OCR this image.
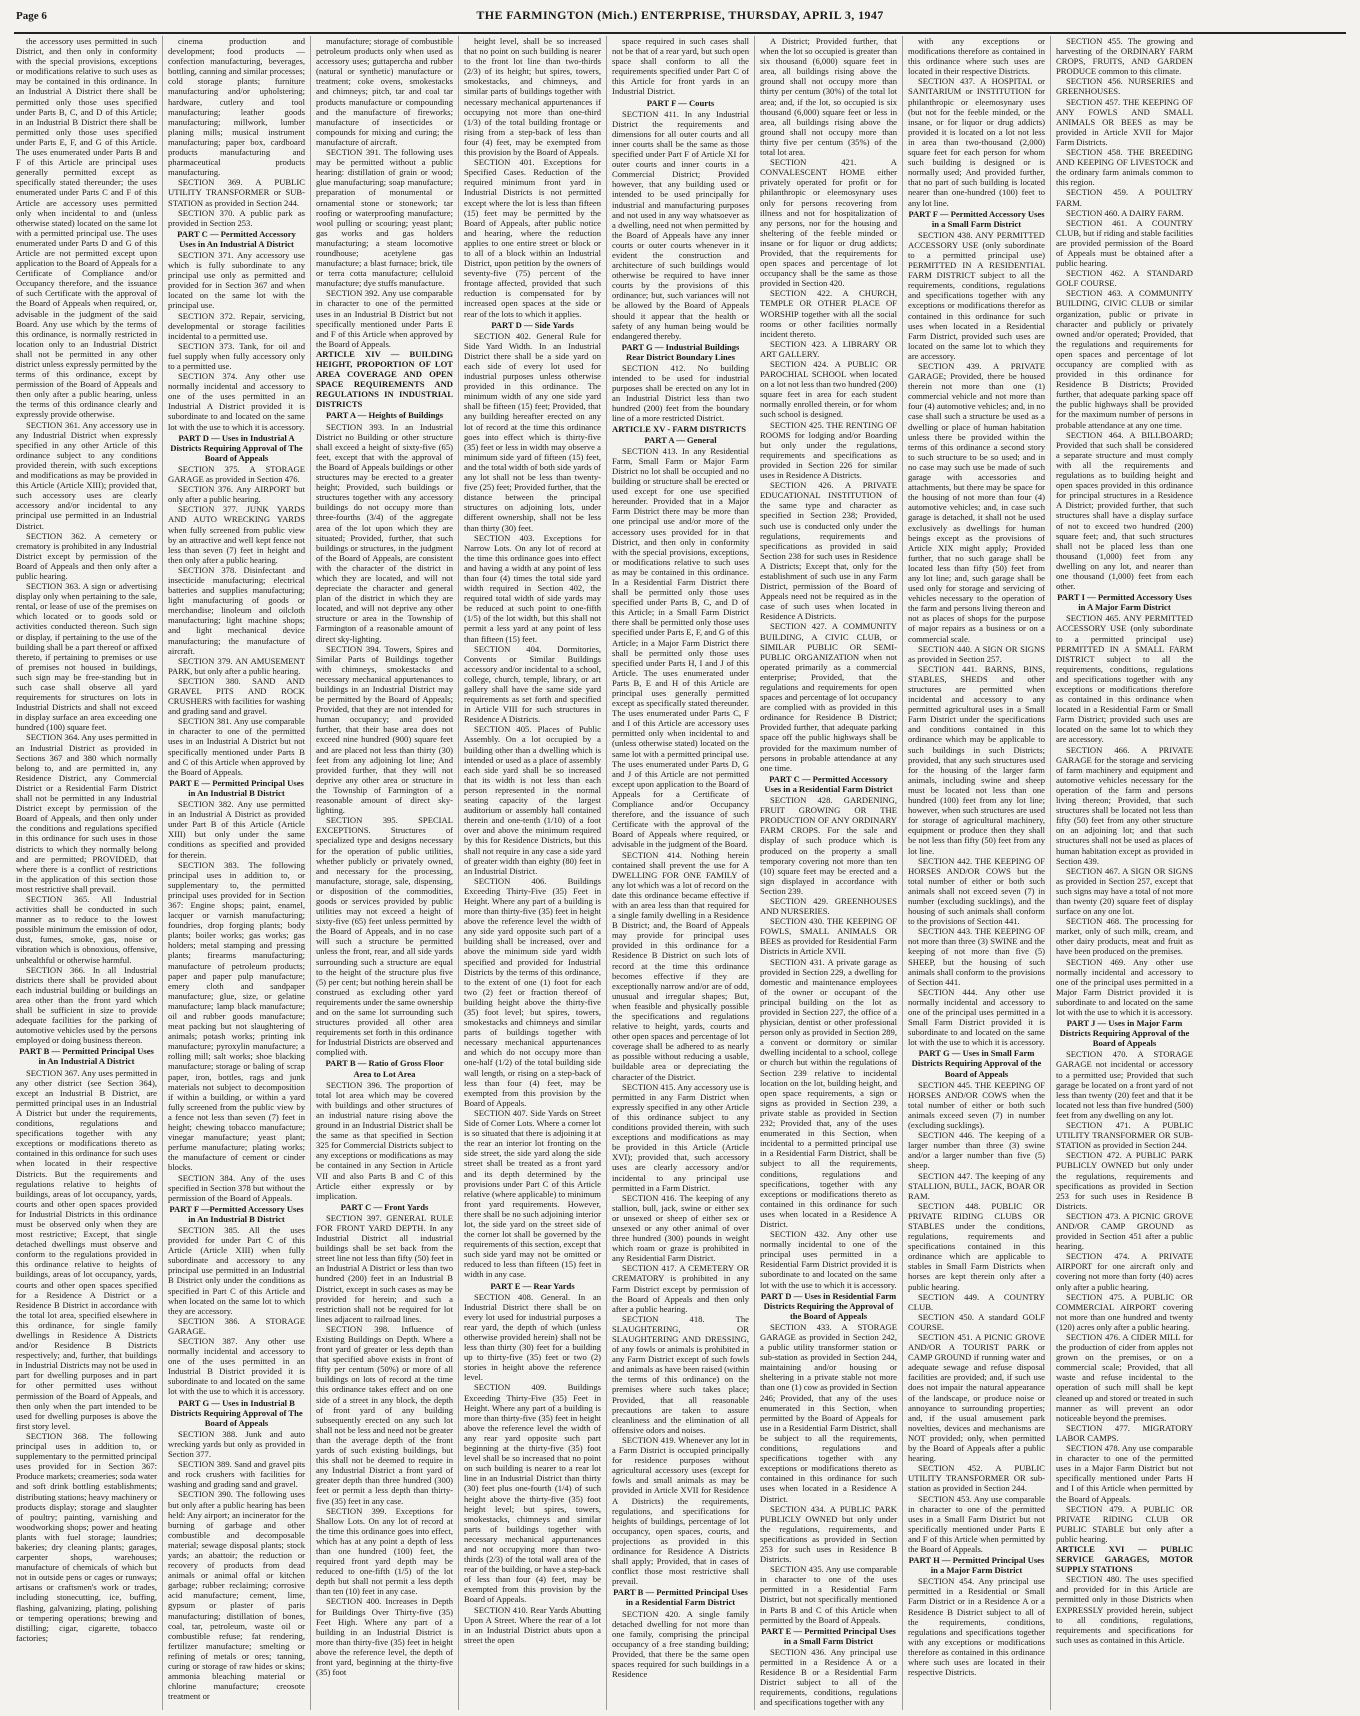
Page 6	THE FARMINGTON (Mich.) ENTERPRISE, THURSDAY, APRIL 3, 1947

the accessory uses permitted in such District, and then only in conformity with the special provisions, exceptions or modifications relative to such uses as may be contained in this ordinance. In an Industrial A District there shall be permitted only those uses specified under Parts B, C, and D of this Article; in an Industrial B District there shall be permitted only those uses specified under Parts E, F, and G of this Article. The uses enumerated under Parts B and F of this Article are principal uses generally permitted except as specifically stated thereunder; the uses enumerated under Parts C and F of this Article are accessory uses permitted only when incidental to and (unless otherwise stated) located on the same lot with a permitted principal use. The uses enumerated under Parts D and G of this Article are not permitted except upon application to the Board of Appeals for a Certificate of Compliance and/or Occupancy therefore, and the issuance of such Certificate with the approval of the Board of Appeals when required, or, advisable in the judgment of the said Board. Any use which by the terms of this ordinance, is normally restricted in location only to an Industrial District shall not be permitted in any other district unless expressly permitted by the terms of this ordinance, except by permission of the Board of Appeals and then only after a public hearing, unless the terms of this ordinance clearly and expressly provide otherwise.

SECTION 361. Any accessory use in any Industrial District when expressly specified in any other Article of this ordinance subject to any conditions provided therein, with such exceptions and modifications as may be provided in this Article (Article XIII); provided that, such accessory uses are clearly accessory and/or incidental to any principal use permitted in an Industrial District.

SECTION 362. A cemetery or crematory is prohibited in any Industrial District except by permission of the Board of Appeals and then only after a public hearing.

SECTION 363. A sign or advertising display only when pertaining to the sale, rental, or lease of use of the premises on which located or to goods sold or activities conducted thereon. Such sign or display, if pertaining to the use of the building shall be a part thereof or affixed thereto, if pertaining to premises or use of premises not housed in buildings, such sign may be free-standing but in such case shall observe all yard requirements for structures on lots in Industrial Districts and shall not exceed in display surface an area exceeding one hundred (100) square feet.

SECTION 364. Any uses permitted in an Industrial District as provided in Sections 367 and 380 which normally belong to, and are permitted in, any Residence District, any Commercial District or a Residential Farm District shall not be permitted in any Industrial District except by permission of the Board of Appeals, and then only under the conditions and regulations specified in this ordinance for such uses in those districts to which they normally belong and are permitted; PROVIDED, that where there is a conflict of restrictions in the application of this section those most restrictive shall prevail.

SECTION 365. All Industrial activities shall be conducted in such manner as to reduce to the lowest possible minimum the emission of odor, dust, fumes, smoke, gas, noise or vibration which is obnoxious, offensive, unhealthful or otherwise harmful.

SECTION 366. In all Industrial districts there shall be provided about each industrial building or buildings an area other than the front yard which shall be sufficient in size to provide adequate facilities for the parking of automotive vehicles used by the persons employed or doing business thereon.

PART B — Permitted Principal Uses in An Industrial A District

SECTION 367. Any uses permitted in any other district (see Section 364), except an Industrial B District, are permitted principal uses in an Industrial A District but under the requirements, conditions, regulations and specifications together with any exceptions or modifications thereto as contained in this ordinance for such uses when located in their respective Districts. But the requirements and regulations relative to heights of buildings, areas of lot occupancy, yards, courts and other open spaces provided for Industrial Districts in this ordinance must be observed only when they are most restrictive; Except, that single detached dwellings must observe and conform to the regulations provided in this ordinance relative to heights of buildings, areas of lot occupancy, yards, courts and other open spaces specified for a Residence A District or a Residence B District in accordance with the total lot area, specified elsewhere in this ordinance, for single family dwellings in Residence A Districts and/or Residence B Districts respectively; and, further, that buildings in Industrial Districts may not be used in part for dwelling purposes and in part for other permitted uses without permission of the Board of Appeals, and then only when the part intended to be used for dwelling purposes is above the first story level.

SECTION 368. The following principal uses in addition to, or supplementary to the permitted principal uses provided for in Section 367: Produce markets; creameries; soda water and soft drink bottling establishments; distributing stations; heavy machinery or products display; storage and slaughter of poultry; painting, varnishing and woodworking shops; power and heating plants with fuel storage; laundries; bakeries; dry cleaning plants; garages, carpenter shops, warehouses; manufacture of chemicals of which but not in outside pens or cages or runways; artisans or craftsmen's work or trades, including stonecutting, ice, buffing, flashing, galvanizing, plating, polishing or tempering operations; brewing and distilling; cigar, cigarette, tobacco factories;

cinema production and development; food products — confection manufacturing, beverages, bottling, canning and similar processes; cold storage plants; furniture manufacturing and/or upholstering; hardware, cutlery and tool manufacturing; leather goods manufacturing; millwork, lumber planing mills; musical instrument manufacturing; paper box, cardboard products manufacturing and pharmaceutical products manufacturing.

SECTION 369. A PUBLIC UTILITY TRANSFORMER or SUB-STATION as provided in Section 244.

SECTION 370. A public park as provided in Section 253.

PART C — Permitted Accessory Uses in An Industrial A District

SECTION 371. Any accessory use which is fully subordinate to any principal use only as permitted and provided for in Section 367 and when located on the same lot with the principal use.

SECTION 372. Repair, servicing, developmental or storage facilities incidental to a permitted use.

SECTION 373. Tank, for oil and fuel supply when fully accessory only to a permitted use.

SECTION 374. Any other use normally incidental and accessory to one of the uses permitted in an Industrial A District provided it is subordinate to and located on the same lot with the use to which it is accessory.

PART D — Uses in Industrial A Districts Requiring Approval of The Board of Appeals

SECTION 375. A STORAGE GARAGE as provided in Section 476.

SECTION 376. Any AIRPORT but only after a public hearing.

SECTION 377. JUNK YARDS AND AUTO WRECKING YARDS when fully screened from public view by an attractive and well kept fence not less than seven (7) feet in height and then only after a public hearing.

SECTION 378. Disinfectant and insecticide manufacturing; electrical batteries and supplies manufacturing; light manufacturing of goods or merchandise; linoleum and oilcloth manufacturing; light machine shops; and light mechanical device manufacturing; the manufacture of aircraft.

SECTION 379. AN AMUSEMENT PARK, but only after a public hearing.

SECTION 380. SAND AND GRAVEL PITS AND ROCK CRUSHERS with facilities for washing and grading sand and gravel.

SECTION 381. Any use comparable in character to one of the permitted uses in an Industrial A District but not specifically mentioned under Parts B and C of this Article when approved by the Board of Appeals.

PART E — Permitted Principal Uses in An Industrial B District

SECTION 382. Any use permitted in an Industrial A District as provided under Part B of this Article (Article XIII) but only under the same conditions as specified and provided for therein.

SECTION 383. The following principal uses in addition to, or supplementary to, the permitted principal uses provided for in Section 367: Engine shops; paint, enamel, lacquer or varnish manufacturing; foundries, drop forging plants; body plants; boiler works; gas works; gas holders; metal stamping and pressing plants; firearms manufacturing; manufacture of petroleum products; paper and paper pulp manufacture; emery cloth and sandpaper manufacture; glue, size, or gelatine manufacture; lamp black manufacture; oil and rubber goods manufacture; meat packing but not slaughtering of animals; potash works; printing ink manufacture; pyroxylin manufacture; a rolling mill; salt works; shoe blacking manufacture; storage or baling of scrap paper, iron, bottles, rags and junk materials not subject to decomposition if within a building, or within a yard fully screened from the public view by a fence not less than seven (7) feet in height; chewing tobacco manufacture; vinegar manufacture; yeast plant; perfume manufacture; plating works; the manufacture of cement or cinder blocks.

SECTION 384. Any of the uses specified in Section 378 but without the permission of the Board of Appeals.

PART F —Permitted Accessory Uses in An Industrial B District

SECTION 385. All the uses provided for under Part C of this Article (Article XIII) when fully subordinate and accessory to any principal use permitted in an Industrial B District only under the conditions as specified in Part C of this Article and when located on the same lot to which they are accessory.

SECTION 386. A STORAGE GARAGE.

SECTION 387. Any other use normally incidental and accessory to one of the uses permitted in an Industrial B District provided it is subordinate to and located on the same lot with the use to which it is accessory.

PART G — Uses in Industrial B Districts Requiring Approval of The Board of Appeals

SECTION 388. Junk and auto wrecking yards but only as provided in Section 377.

SECTION 389. Sand and gravel pits and rock crushers with facilities for washing and grading sand and gravel.

SECTION 390. The following uses but only after a public hearing has been held: Any airport; an incinerator for the burning of garbage and other combustible and decomposable material; sewage disposal plants; stock yards; an abattoir; the reduction or recovery of products from dead animals or animal offal or kitchen garbage; rubber reclaiming; corrosive acid manufacture; cement, lime, gypsum or plaster of paris manufacturing; distillation of bones, coal, tar, petroleum, waste oil or combustible refuse; fat rendering, fertilizer manufacture; smelting or refining of metals or ores; tanning, curing or storage of raw hides or skins; ammonia bleaching material or chlorine manufacture; creosote treatment or

manufacture; storage of combustible petroleum products only when used as accessory uses; guttapercha and rubber (natural or synthetic) manufacture or treatment; coke ovens, smokestacks and chimneys; pitch, tar and coal tar products manufacture or compounding and the manufacture of fireworks; manufacture of insecticides or compounds for mixing and curing; the manufacture of aircraft.

SECTION 391. The following uses may be permitted without a public hearing: distillation of grain or wood; glue manufacturing; soap manufacture; preparation of monumental or ornamental stone or stonework; tar roofing or waterproofing manufacture; wool pulling or scouring; yeast plant; gas works and gas holders manufacturing; a steam locomotive roundhouse; acetylene gas manufacture; a blast furnace; brick, tile or terra cotta manufacture; celluloid manufacture; dye stuffs manufacture.

SECTION 392. Any use comparable in character to one of the permitted uses in an Industrial B District but not specifically mentioned under Parts E and F of this Article when approved by the Board of Appeals.

ARTICLE XIV — BUILDING HEIGHT, PROPORTION OF LOT AREA COVERAGE AND OPEN SPACE REQUIREMENTS AND REGULATIONS IN INDUSTRIAL DISTRICTS

PART A — Heights of Buildings

SECTION 393. In an Industrial District no Building or other structure shall exceed a height of sixty-five (65) feet, except that with the approval of the Board of Appeals buildings or other structures may be erected to a greater height; Provided, such buildings or structures together with any accessory buildings do not occupy more than three-fourths (3/4) of the aggregate area of the lot upon which they are situated; Provided, further, that such buildings or structures, in the judgment of the Board of Appeals, are consistent with the character of the district in which they are located, and will not depreciate the character and general plan of the district in which they are located, and will not deprive any other structure or area in the Township of Farmington of a reasonable amount of direct sky-lighting.

SECTION 394. Towers, Spires and Similar Parts of Buildings together with chimneys, smokestacks and necessary mechanical appurtenances to buildings in an Industrial District may be permitted by the Board of Appeals; Provided, that they are not intended for human occupancy; and provided further, that their base area does not exceed nine hundred (900) square feet and are placed not less than thirty (30) feet from any adjoining lot line; And provided further, that they will not deprive any other area or structure in the Township of Farmington of a reasonable amount of direct sky-lighting.

SECTION 395. SPECIAL EXCEPTIONS. Structures of specialized type and designs necessary for the operation of public utilities, whether publicly or privately owned, and necessary for the processing, manufacture, storage, sale, dispensing, or disposition of the commodities, goods or services provided by public utilities may not exceed a height of sixty-five (65) feet unless permitted by the Board of Appeals, and in no case will such a structure be permitted unless the front, rear, and all side yards surrounding such a structure are equal to the height of the structure plus five (5) per cent; but nothing herein shall be construed as excluding other yard requirements under the same ownership and on the same lot surrounding such structures provided all other area requirements set forth in this ordinance for Industrial Districts are observed and complied with.

PART B — Ratio of Gross Floor Area to Lot Area

SECTION 396. The proportion of total lot area which may be covered with buildings and other structures of an industrial nature rising above the ground in an Industrial District shall be the same as that specified in Section 325 for Commercial Districts subject to any exceptions or modifications as may be contained in any Section in Article VII and also Parts B and C of this Article either expressly or by implication.

PART C — Front Yards

SECTION 397. GENERAL RULE FOR FRONT YARD DEPTH. In any Industrial District all industrial buildings shall be set back from the street line not less than fifty (50) feet in an Industrial A District or less than two hundred (200) feet in an Industrial B District, except in such cases as may be provided for herein; and such a restriction shall not be required for lot lines adjacent to railroad lines.

SECTION 398. Influence of Existing Buildings on Depth. Where a front yard of greater or less depth than that specified above exists in front of fifty per centum (50%) or more of all buildings on lots of record at the time this ordinance takes effect and on one side of a street in any block, the depth of front yard of any building subsequently erected on any such lot shall not be less and need not be greater than the average depth of the front yards of such existing buildings, but this shall not be deemed to require in any Industrial District a front yard of greater depth than three hundred (300) feet or permit a less depth than thirty-five (35) feet in any case.

SECTION 399. Exceptions for Shallow Lots. On any lot of record at the time this ordinance goes into effect, which has at any point a depth of less than one hundred (100) feet, the required front yard depth may be reduced to one-fifth (1/5) of the lot depth but shall not permit a less depth than ten (10) feet in any case.

SECTION 400. Increases in Depth for Buildings Over Thirty-five (35) Feet High. Where any part of a building in an Industrial District is more than thirty-five (35) feet in height above the reference level, the depth of front yard, beginning at the thirty-five (35) foot

height level, shall be so increased that no point on such building is nearer to the front lot line than two-thirds (2/3) of its height; but spires, towers, smokestacks, and chimneys, and similar parts of buildings together with necessary mechanical appurtenances if occupying not more than one-third (1/3) of the total building frontage or rising from a step-back of less than four (4) feet, may be exempted from this provision by the Board of Appeals.

SECTION 401. Exceptions for Specified Cases. Reduction of the required minimum front yard in Industrial Districts is not permitted except where the lot is less than fifteen (15) feet may be permitted by the Board of Appeals, after public notice and hearing, where the reduction applies to one entire street or block or to all of a block within an Industrial District, upon petition by the owners of seventy-five (75) percent of the frontage affected, provided that such reduction is compensated for by increased open spaces at the side or rear of the lots to which it applies.

PART D — Side Yards

SECTION 402. General Rule for Side Yard Width. In an Industrial District there shall be a side yard on each side of every lot used for industrial purposes unless otherwise provided in this ordinance. The minimum width of any one side yard shall be fifteen (15) feet; Provided, that any building hereafter erected on any lot of record at the time this ordinance goes into effect which is thirty-five (35) feet or less in width may observe a minimum side yard of fifteen (15) feet, and the total width of both side yards of any lot shall not be less than twenty-five (25) feet; Provided further, that the distance between the principal structures on adjoining lots, under different ownership, shall not be less than thirty (30) feet.

SECTION 403. Exceptions for Narrow Lots. On any lot of record at the time this ordinance goes into effect and having a width at any point of less than four (4) times the total side yard width required in Section 402, the required total width of side yards may be reduced at such point to one-fifth (1/5) of the lot width, but this shall not permit a less yard at any point of less than fifteen (15) feet.

SECTION 404. Dormitories, Convents or Similar Buildings accessory and/or incidental to a school, college, church, temple, library, or art gallery shall have the same side yard requirements as set forth and specified in Article VIII for such structures in Residence A Districts.

SECTION 405. Places of Public Assembly. On a lot occupied by a building other than a dwelling which is intended or used as a place of assembly each side yard shall be so increased that its width is not less than each person represented in the normal seating capacity of the largest auditorium or assembly hall contained therein and one-tenth (1/10) of a foot over and above the minimum required by this for Residence Districts, but this shall not require in any case a side yard of greater width than eighty (80) feet in an Industrial District.

SECTION 406. Buildings Exceeding Thirty-Five (35) Feet in Height. Where any part of a building is more than thirty-five (35) feet in height above the reference level the width of any side yard opposite such part of a building shall be increased, over and above the minimum side yard width specified and provided for Industrial Districts by the terms of this ordinance, to the extent of one (1) foot for each two (2) feet or fraction thereof of building height above the thirty-five (35) foot level; but spires, towers, smokestacks and chimneys and similar parts of buildings together with necessary mechanical appurtenances and which do not occupy more than one-half (1/2) of the total building side wall length, or rising on a step-back of less than four (4) feet, may be exempted from this provision by the Board of Appeals.

SECTION 407. Side Yards on Street Side of Corner Lots. Where a corner lot is so situated that there is adjoining it at the rear an interior lot fronting on the side street, the side yard along the side street shall be treated as a front yard and its depth determined by the provisions under Part C of this Article relative (where applicable) to minimum front yard requirements. However, there shall be no such adjoining interior lot, the side yard on the street side of the corner lot shall be governed by the requirements of this section, except that such side yard may not be omitted or reduced to less than fifteen (15) feet in width in any case.

PART E — Rear Yards

SECTION 408. General. In an Industrial District there shall be on every lot used for industrial purposes a rear yard, the depth of which (unless otherwise provided herein) shall not be less than thirty (30) feet for a building up to thirty-five (35) feet or two (2) stories in height above the reference level.

SECTION 409. Buildings Exceeding Thirty-Five (35) Feet in Height. Where any part of a building is more than thirty-five (35) feet in height above the reference level the width of any rear yard opposite such part beginning at the thirty-five (35) foot level shall be so increased that no point on such building is nearer to a rear lot line in an Industrial District than thirty (30) feet plus one-fourth (1/4) of such height above the thirty-five (35) foot height level; but spires, towers, smokestacks, chimneys and similar parts of buildings together with necessary mechanical appurtenances and not occupying more than two-thirds (2/3) of the total wall area of the rear of the building, or have a step-back of less than four (4) feet, may be exempted from this provision by the Board of Appeals.

SECTION 410. Rear Yards Abutting Upon A Street. Where the rear of a lot in an Industrial District abuts upon a street the open

space required in such cases shall not be that of a rear yard, but such open space shall conform to all the requirements specified under Part C of this Article for front yards in an Industrial District.

PART F — Courts

SECTION 411. In any Industrial District the requirements and dimensions for all outer courts and all inner courts shall be the same as those specified under Part F of Article XI for outer courts and inner courts in a Commercial District; Provided however, that any building used or intended to be used principally for industrial and manufacturing purposes and not used in any way whatsoever as a dwelling, need not when permitted by the Board of Appeals have any inner courts or outer courts whenever in it evident the construction and architecture of such buildings would otherwise be required to have inner courts by the provisions of this ordinance; but, such variances will not be allowed by the Board of Appeals should it appear that the health or safety of any human being would be endangered thereby.

PART G — Industrial Buildings Rear District Boundary Lines

SECTION 412. No building intended to be used for industrial purposes shall be erected on any lot in an Industrial District less than two hundred (200) feet from the boundary line of a more restricted District.

ARTICLE XV - FARM DISTRICTS

PART A — General

SECTION 413. In any Residential Farm, Small Farm or Major Farm District no lot shall be occupied and no building or structure shall be erected or used except for one use specified hereunder. Provided that in a Major Farm District there may be more than one principal use and/or more of the accessory uses provided for in that District, and then only in conformity with the special provisions, exceptions, or modifications relative to such uses as may be contained in this ordinance. In a Residential Farm District there shall be permitted only those uses specified under Parts B, C, and D of this Article; in a Small Farm District there shall be permitted only those uses specified under Parts E, F, and G of this Article; in a Major Farm District there shall be permitted only those uses specified under Parts H, I and J of this Article. The uses enumerated under Parts B, E and H of this Article are principal uses generally permitted except as specifically stated thereunder. The uses enumerated under Parts C, F and I of this Article are accessory uses permitted only when incidental to and (unless otherwise stated) located on the same lot with a permitted principal use. The uses enumerated under Parts D, G and J of this Article are not permitted except upon application to the Board of Appeals for a Certificate of Compliance and/or Occupancy therefore, and the issuance of such Certificate with the approval of the Board of Appeals where required, or advisable in the judgment of the Board.

SECTION 414. Nothing herein contained shall prevent the use for A DWELLING FOR ONE FAMILY of any lot which was a lot of record on the date this ordinance became effective if with an area less than that required for a single family dwelling in a Residence B District; and, the Board of Appeals may provide for principal uses provided in this ordinance for a Residence B District on such lots of record at the time this ordinance becomes effective if they are exceptionally narrow and/or are of odd, unusual and irregular shapes; But, when feasible and physically possible the specifications and regulations relative to height, yards, courts and other open spaces and percentage of lot coverage shall be adhered to as nearly as possible without reducing a usable, buildable area or depreciating the character of the District.

SECTION 415. Any accessory use is permitted in any Farm District when expressly specified in any other Article of this ordinance subject to any conditions provided therein, with such exceptions and modifications as may be provided in this Article (Article XVI); provided that, such accessory uses are clearly accessory and/or incidental to any principal use permitted in a Farm District.

SECTION 416. The keeping of any stallion, bull, jack, swine or either sex or unsexed or sheep of either sex or unsexed or any other animal of over three hundred (300) pounds in weight which roam or graze is prohibited in any Residential Farm District.

SECTION 417. A CEMETERY OR CREMATORY is prohibited in any Farm District except by permission of the Board of Appeals and then only after a public hearing.

SECTION 418. The SLAUGHTERING, OR SLAUGHTERING AND DRESSING, of any fowls or animals is prohibited in any Farm District except of such fowls and animals as have been raised (within the terms of this ordinance) on the premises where such takes place; Provided, that all reasonable precautions are taken to assure cleanliness and the elimination of all offensive odors and noises.

SECTION 419. Whenever any lot in a Farm District is occupied principally for residence purposes without agricultural accessory uses (except for fowls and small animals as may be provided in Article XVII for Residence A Districts) the requirements, regulations, and specifications for heights of buildings, percentage of lot occupancy, open spaces, courts, and projections as provided in this ordinance for Residence A Districts shall apply; Provided, that in cases of conflict those most restrictive shall prevail.

PART B — Permitted Principal Uses in a Residential Farm District

SECTION 420. A single family detached dwelling for not more than one family, comprising the principal occupancy of a free standing building; Provided, that there be the same open spaces required for such buildings in a Residence

A District; Provided further, that when the lot so occupied is greater than six thousand (6,000) square feet in area, all buildings rising above the ground shall not occupy more than thirty per centum (30%) of the total lot area; and, if the lot, so occupied is six thousand (6,000) square feet or less in area, all buildings rising above the ground shall not occupy more than thirty five per centum (35%) of the total lot area.

SECTION 421. A CONVALESCENT HOME either privately operated for profit or for philanthropic or eleemosynary uses only for persons recovering from illness and not for hospitalization of any persons, nor for the housing and sheltering of the feeble minded or insane or for liquor or drug addicts; Provided, that the requirements for open spaces and percentage of lot occupancy shall be the same as those provided in Section 420.

SECTION 422. A CHURCH, TEMPLE OR OTHER PLACE OF WORSHIP together with all the social rooms or other facilities normally incident thereto.

SECTION 423. A LIBRARY OR ART GALLERY.

SECTION 424. A PUBLIC OR PAROCHIAL SCHOOL when located on a lot not less than two hundred (200) square feet in area for each student normally enrolled therein, or for whom such school is designed.

SECTION 425. THE RENTING OF ROOMS for lodging and/or Boarding but only under the regulations, requirements and specifications as provided in Section 226 for similar uses in Residence A Districts.

SECTION 426. A PRIVATE EDUCATIONAL INSTITUTION of the same type and character as specified in Section 238; Provided, such use is conducted only under the regulations, requirements and specifications as provided in said Section 238 for such uses in Residence A Districts; Except that, only for the establishment of such use in any Farm District, permission of the Board of Appeals need not be required as in the case of such uses when located in Residence A Districts.

SECTION 427. A COMMUNITY BUILDING, A CIVIC CLUB, or SIMILAR PUBLIC OR SEMI-PUBLIC ORGANIZATION when not operated primarily as a commercial enterprise; Provided, that the regulations and requirements for open spaces and percentage of lot occupancy are complied with as provided in this ordinance for Residence B District; Provided further, that adequate parking space off the public highways shall be provided for the maximum number of persons in probable attendance at any one time.

PART C — Permitted Accessory Uses in a Residential Farm District

SECTION 428. GARDENING, FRUIT GROWING OR THE PRODUCTION OF ANY ORDINARY FARM CROPS. For the sale and display of such produce which is produced on the property a small temporary covering not more than ten (10) square feet may be erected and a sign displayed in accordance with Section 239.

SECTION 429. GREENHOUSES AND NURSERIES.

SECTION 430. THE KEEPING OF FOWLS, SMALL ANIMALS OR BEES as provided for Residential Farm Districts in Article XVII.

SECTION 431. A private garage as provided in Section 229, a dwelling for domestic and maintenance employees of the owner or occupant of the principal building on the lot as provided in Section 227, the office of a physician, dentist or other professional person only as provided in Section 289, a convent or dormitory or similar dwelling incidental to a school, college or church but within the regulations of Section 239 relative to incidental location on the lot, building height, and open space requirements, a sign or signs as provided in Section 239, a private stable as provided in Section 232; Provided that, any of the uses enumerated in this Section, when incidental to a permitted principal use in a Residential Farm District, shall be subject to all the requirements, conditions, regulations and specifications, together with any exceptions or modifications thereto as contained in this ordinance for such uses when located in a Residence A District.

SECTION 432. Any other use normally incidental to one of the principal uses permitted in a Residential Farm District provided it is subordinate to and located on the same lot with the use to which it is accessory.

PART D — Uses in Residential Farm Districts Requiring the Approval of the Board of Appeals

SECTION 433. A STORAGE GARAGE as provided in Section 242, a public utility transformer station or sub-station as provided in Section 244, maintaining and/or housing or sheltering in a private stable not more than one (1) cow as provided in Section 246; Provided, that any of the uses enumerated in this Section, when permitted by the Board of Appeals for use in a Residential Farm District, shall be subject to all the requirements, conditions, regulations and specifications together with any exceptions or modifications thereto as contained in this ordinance for such uses when located in a Residence A District.

SECTION 434. A PUBLIC PARK PUBLICLY OWNED but only under the regulations, requirements, and specifications as provided in Section 253 for such uses in Residence B Districts.

SECTION 435. Any use comparable in character to one of the uses permitted in a Residential Farm District, but not specifically mentioned in Parts B and C of this Article when permitted by the Board of Appeals.

PART E — Permitted Principal Uses in a Small Farm District

SECTION 436. Any principal use permitted in a Residence A or a Residence B or a Residential Farm District subject to all of the requirements, conditions, regulations and specifications together with any

with any exceptions or modifications therefore as contained in this ordinance where such uses are located in their respective Districts.

SECTION 437. A HOSPITAL or SANITARIUM or INSTITUTION for philanthropic or eleemosynary uses (but not for the feeble minded, or the insane, or for liquor or drug addicts) provided it is located on a lot not less in area than two-thousand (2,000) square feet for each person for whom such building is designed or is normally used; And provided further, that no part of such building is located nearer than one-hundred (100) feet to any lot line.

PART F — Permitted Accessory Uses in a Small Farm District

SECTION 438. ANY PERMITTED ACCESSORY USE (only subordinate to a permitted principal use) PERMITTED IN A RESIDENTIAL FARM DISTRICT subject to all the requirements, conditions, regulations and specifications together with any exceptions or modifications therefor as contained in this ordinance for such uses when located in a Residential Farm District, provided such uses are located on the same lot to which they are accessory.

SECTION 439. A PRIVATE GARAGE; Provided, there be housed therein not more than one (1) commercial vehicle and not more than four (4) automotive vehicles; and, in no case shall such a structure be used as a dwelling or place of human habitation unless there be provided within the terms of this ordinance a second story to such structure to be so used; and in no case may such use be made of such garage with accessories and attachments, but there may be space for the housing of not more than four (4) automotive vehicles; and, in case such garage is detached, it shall not be used exclusively as dwellings for human beings except as the provisions of Article XIX might apply; Provided further, that no such garage shall be located less than fifty (50) feet from any lot line; and, such garage shall be used only for storage and servicing of vehicles necessary to the operation of the farm and persons living thereon and not as places of shops for the purpose of major repairs as a business or on a commercial scale.

SECTION 440. A SIGN OR SIGNS as provided in Section 257.

SECTION 441. BARNS, BINS, STABLES, SHEDS and other structures are permitted when incidental and accessory to any permitted agricultural uses in a Small Farm District under the specifications and conditions contained in this ordinance which may be applicable to such buildings in such Districts; provided, that any such structures used for the housing of the larger farm animals, including swine and sheep must be located not less than one hundred (100) feet from any lot line; however, when such structures are used for storage of agricultural machinery, equipment or produce then they shall be not less than fifty (50) feet from any lot line.

SECTION 442. THE KEEPING OF HORSES AND/OR COWS but the total number of either or both such animals shall not exceed seven (7) in number (excluding sucklings), and the housing of such animals shall conform to the provisions of Section 441.

SECTION 443. THE KEEPING OF not more than three (3) SWINE and the keeping of not more than five (5) SHEEP, but the housing of such animals shall conform to the provisions of Section 441.

SECTION 444. Any other use normally incidental and accessory to one of the principal uses permitted in a Small Farm District provided it is subordinate to and located on the same lot with the use to which it is accessory.

PART G — Uses in Small Farm Districts Requiring Approval of the Board of Appeals

SECTION 445. THE KEEPING OF HORSES AND/OR COWS when the total number of either or both such animals exceed seven (7) in number (excluding sucklings).

SECTION 446. The keeping of a larger number than three (3) swine and/or a larger number than five (5) sheep.

SECTION 447. The keeping of any STALLION, BULL, JACK, BOAR OR RAM.

SECTION 448. PUBLIC OR PRIVATE RIDING CLUBS OR STABLES under the conditions, regulations, requirements and specifications contained in this ordinance which are applicable to stables in Small Farm Districts when horses are kept therein only after a public hearing.

SECTION 449. A COUNTRY CLUB.

SECTION 450. A standard GOLF COURSE.

SECTION 451. A PICNIC GROVE AND/OR A TOURIST PARK or CAMP GROUND if running water and adequate sewage and refuse disposal facilities are provided; and, if such use does not impair the natural appearance of the landscape, or produce noise or annoyance to surrounding properties; and, if the usual amusement park novelties, devices and mechanisms are NOT provided; only, when permitted by the Board of Appeals after a public hearing.

SECTION 452. A PUBLIC UTILITY TRANSFORMER OR sub-station as provided in Section 244.

SECTION 453. Any use comparable in character to one of the permitted uses in a Small Farm District but not specifically mentioned under Parts E and F of this Article when permitted by the Board of Appeals.

PART H — Permitted Principal Uses in a Major Farm District

SECTION 454. Any principal use permitted in a Residential or Small Farm District or in a Residence A or a Residence B District subject to all of the requirements, conditions, regulations and specifications together with any exceptions or modifications therefore as contained in this ordinance where such uses are located in their respective Districts.

SECTION 455. The growing and harvesting of the ORDINARY FARM CROPS, FRUITS, AND GARDEN PRODUCE common to this climate.

SECTION 456. NURSERIES and GREENHOUSES.

SECTION 457. THE KEEPING OF ANY FOWLS AND SMALL ANIMALS OR BEES as may be provided in Article XVII for Major Farm Districts.

SECTION 458. THE BREEDING AND KEEPING OF LIVESTOCK and the ordinary farm animals common to this region.

SECTION 459. A POULTRY FARM.

SECTION 460. A DAIRY FARM.

SECTION 461. A COUNTRY CLUB, but if riding and stable facilities are provided permission of the Board of Appeals must be obtained after a public hearing.

SECTION 462. A STANDARD GOLF COURSE.

SECTION 463. A COMMUNITY BUILDING, CIVIC CLUB or similar organization, public or private in character and publicly or privately owned and/or operated; Provided, that the regulations and requirements for open spaces and percentage of lot occupancy are complied with as provided in this ordinance for Residence B Districts; Provided further, that adequate parking space off the public highways shall be provided for the maximum number of persons in probable attendance at any one time.

SECTION 464. A BILLBOARD; Provided that such shall be considered a separate structure and must comply with all the requirements and regulations as to building height and open spaces provided in this ordinance for principal structures in a Residence A District; provided further, that such structures shall have a display surface of not to exceed two hundred (200) square feet; and, that such structures shall not be placed less than one thousand (1,000) feet from any dwelling on any lot, and nearer than one thousand (1,000) feet from each other.

PART I — Permitted Accessory Uses in A Major Farm District

SECTION 465. ANY PERMITTED ACCESSORY USE (only subordinate to a permitted principal use) PERMITTED IN A SMALL FARM DISTRICT subject to all the requirements, conditions, regulations and specifications together with any exceptions or modifications therefore as contained in this ordinance when located in a Residential Farm or Small Farm District; provided such uses are located on the same lot to which they are accessory.

SECTION 466. A PRIVATE GARAGE for the storage and servicing of farm machinery and equipment and automotive vehicles necessary for the operation of the farm and persons living thereon; Provided, that such structures shall be located not less than fifty (50) feet from any other structure on an adjoining lot; and that such structures shall not be used as places of human habitation except as provided in Section 439.

SECTION 467. A SIGN OR SIGNS as provided in Section 257, except that such signs may have a total of not more than twenty (20) square feet of display surface on any one lot.

SECTION 468. The processing for market, only of such milk, cream, and other dairy products, meat and fruit as have been produced on the premises.

SECTION 469. Any other use normally incidental and accessory to one of the principal uses permitted in a Major Farm District provided it is subordinate to and located on the same lot with the use to which it is accessory.

PART J — Uses in Major Farm Districts Requiring Approval of the Board of Appeals

SECTION 470. A STORAGE GARAGE not incidental or accessory to a permitted use; Provided that such garage be located on a front yard of not less than twenty (20) feet and that it be located not less than five hundred (500) feet from any dwelling on any lot.

SECTION 471. A PUBLIC UTILITY TRANSFORMER OR SUB-STATION as provided in Section 244.

SECTION 472. A PUBLIC PARK PUBLICLY OWNED but only under the regulations, requirements and specifications as provided in Section 253 for such uses in Residence B Districts.

SECTION 473. A PICNIC GROVE AND/OR CAMP GROUND as provided in Section 451 after a public hearing.

SECTION 474. A PRIVATE AIRPORT for one aircraft only and covering not more than forty (40) acres only after a public hearing.

SECTION 475. A PUBLIC OR COMMERCIAL AIRPORT covering not more than one hundred and twenty (120) acres only after a public hearing.

SECTION 476. A CIDER MILL for the production of cider from apples not grown on the premises, or on a commercial scale; Provided, that all waste and refuse incidental to the operation of such mill shall be kept cleaned up and stored or treated in such manner as will prevent an odor noticeable beyond the premises.

SECTION 477. MIGRATORY LABOR CAMPS.

SECTION 478. Any use comparable in character to one of the permitted uses in a Major Farm District but not specifically mentioned under Parts H and I of this Article when permitted by the Board of Appeals.

SECTION 479. A PUBLIC OR PRIVATE RIDING CLUB OR PUBLIC STABLE but only after a public hearing.

ARTICLE XVI — PUBLIC SERVICE GARAGES, MOTOR SUPPLY STATIONS

SECTION 480. The uses specified and provided for in this Article are permitted only in those Districts when EXPRESSLY provided herein, subject to all conditions, regulations, requirements and specifications for such uses as contained in this Article.
